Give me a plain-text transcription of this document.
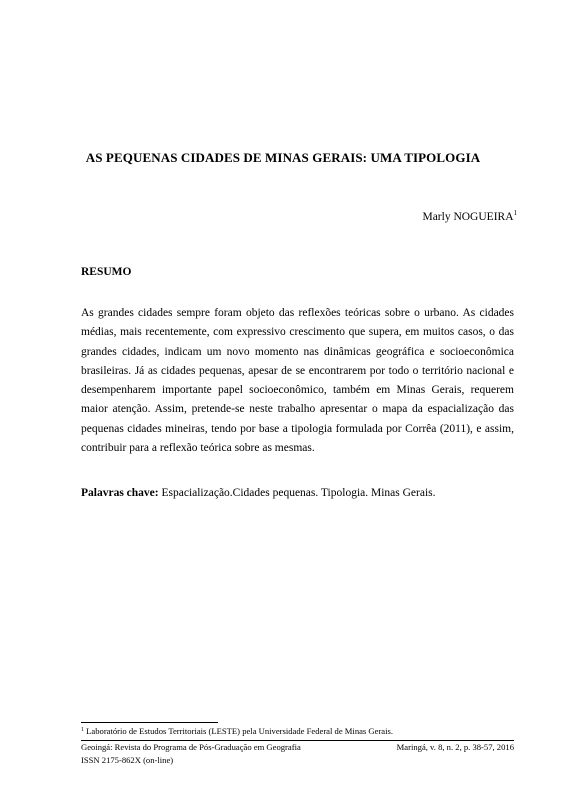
AS PEQUENAS CIDADES DE MINAS GERAIS: UMA TIPOLOGIA
Marly NOGUEIRA$^1$
RESUMO

As grandes cidades sempre foram objeto das reflexões teóricas sobre o urbano. As cidades médias, mais recentemente, com expressivo crescimento que supera, em muitos casos, o das grandes cidades, indicam um novo momento nas dinâmicas geográfica e socioeconômica brasileiras. Já as cidades pequenas, apesar de se encontrarem por todo o território nacional e desempenharem importante papel socioeconômico, também em Minas Gerais, requerem maior atenção. Assim, pretende-se neste trabalho apresentar o mapa da espacialização das pequenas cidades mineiras, tendo por base a tipologia formulada por Corrêa (2011), e assim, contribuir para a reflexão teórica sobre as mesmas.

Palavras chave: Espacialização.Cidades pequenas. Tipologia. Minas Gerais.
$^1$ Laboratório de Estudos Territoriais (LESTE) pela Universidade Federal de Minas Gerais.
Geoingá: Revista do Programa de Pós-Graduação em Geografia	Maringá, v. 8, n. 2, p. 38-57, 2016
ISSN 2175-862X (on-line)
